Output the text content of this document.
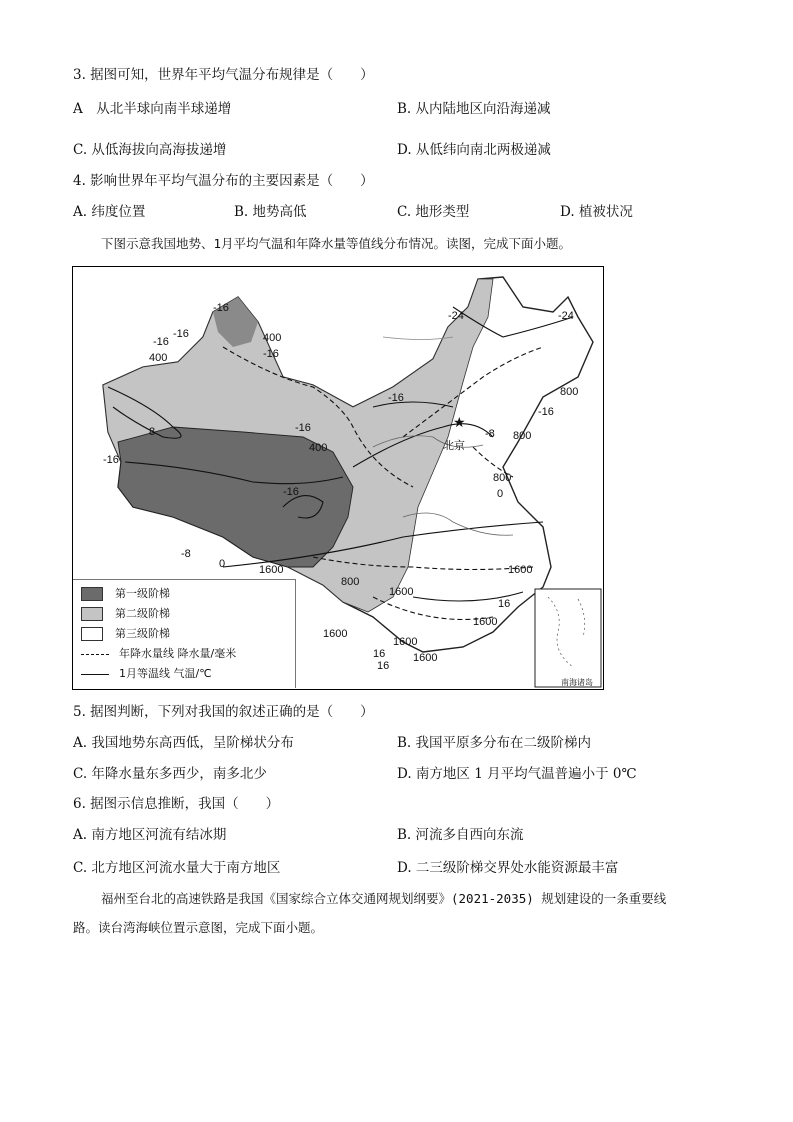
3. 据图可知，世界年平均气温分布规律是（　　）
A　从北半球向南半球递增	B. 从内陆地区向沿海递减
C. 从低海拔向高海拔递增	D. 从低纬向南北两极递减
4. 影响世界年平均气温分布的主要因素是（　　）
A. 纬度位置	B. 地势高低	C. 地形类型	D. 植被状况
下图示意我国地势、1月平均气温和年降水量等值线分布情况。读图，完成下面小题。
★
北京
-16
-16
-16	400
400	-16
-24	-24
-16
-16
8
-16
800
-8 800
-16
400
-16
800
0
-8
0	1600
800
1600
1600
16
1600
1600
16
1600
1600
16
南海诸岛
第一级阶梯
第二级阶梯
第三级阶梯
年降水量线 降水量/毫米
1月等温线 气温/℃
5. 据图判断，下列对我国的叙述正确的是（　　）
A. 我国地势东高西低，呈阶梯状分布	B. 我国平原多分布在二级阶梯内
C. 年降水量东多西少，南多北少	D. 南方地区 1 月平均气温普遍小于 0℃
6. 据图示信息推断，我国（　　）
A. 南方地区河流有结冰期	B. 河流多自西向东流
C. 北方地区河流水量大于南方地区	D. 二三级阶梯交界处水能资源最丰富
福州至台北的高速铁路是我国《国家综合立体交通网规划纲要》(2021-2035) 规划建设的一条重要线
路。读台湾海峡位置示意图，完成下面小题。
